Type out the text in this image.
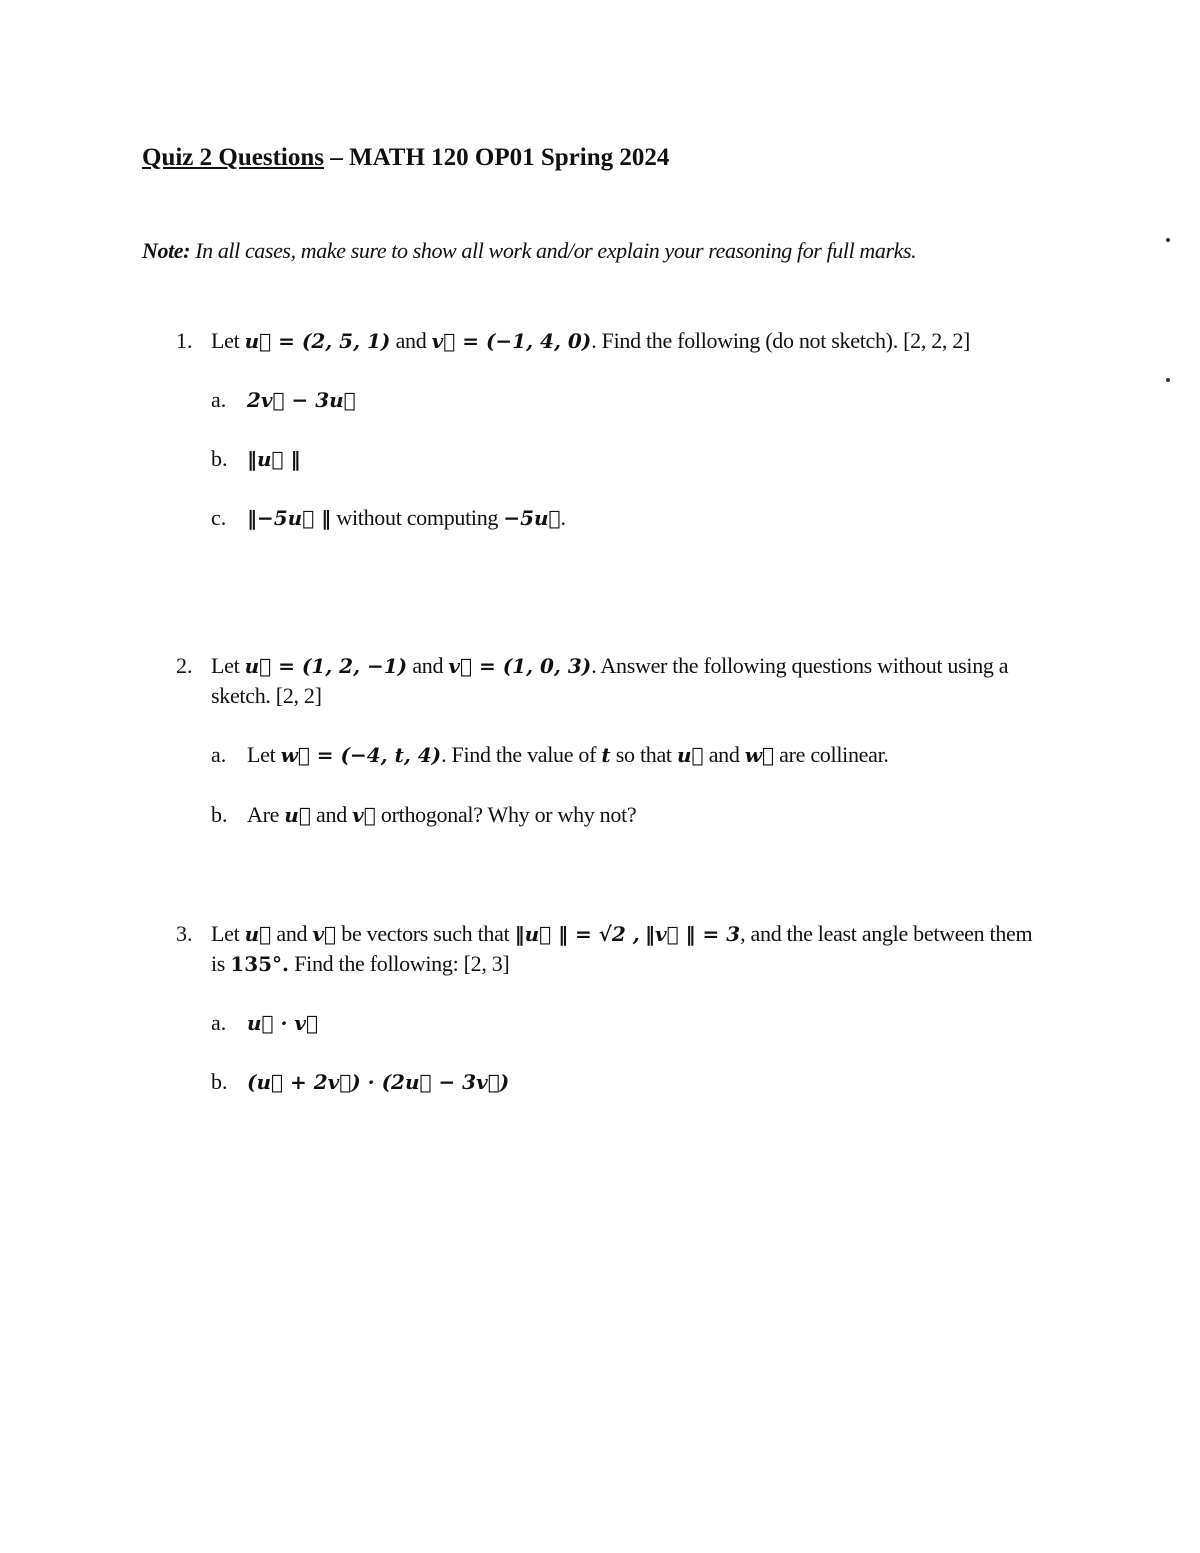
Quiz 2 Questions – MATH 120 OP01 Spring 2024
Note: In all cases, make sure to show all work and/or explain your reasoning for full marks.
1. Let u⃗ = (2, 5, 1) and v⃗ = (−1, 4, 0). Find the following (do not sketch). [2, 2, 2]
a. 2v⃗ − 3u⃗
b. ‖u⃗ ‖
c. ‖−5u⃗ ‖ without computing −5u⃗.
2. Let u⃗ = (1, 2, −1) and v⃗ = (1, 0, 3). Answer the following questions without using a
sketch. [2, 2]
a. Let w⃗ = (−4, t, 4). Find the value of t so that u⃗ and w⃗ are collinear.
b. Are u⃗ and v⃗ orthogonal? Why or why not?
3. Let u⃗ and v⃗ be vectors such that ‖u⃗ ‖ = √2 , ‖v⃗ ‖ = 3, and the least angle between them
is 135°. Find the following: [2, 3]
a. u⃗ · v⃗
b. (u⃗ + 2v⃗) · (2u⃗ − 3v⃗)
